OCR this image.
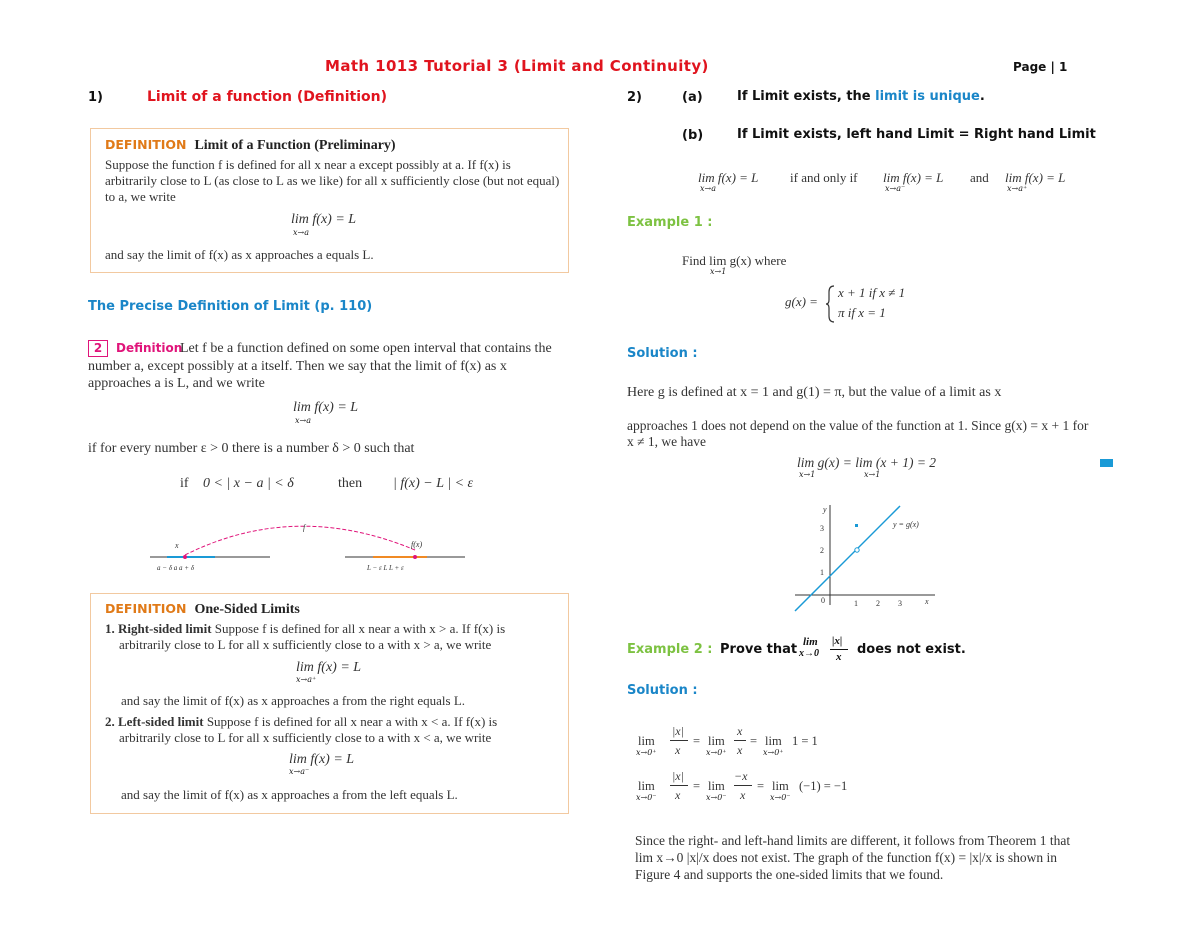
Math 1013 Tutorial 3 (Limit and Continuity)	Page | 1
1)	Limit of a function (Definition)
DEFINITION Limit of a Function (Preliminary)
Suppose the function f is defined for all x near a except possibly at a. If f(x) is
arbitrarily close to L (as close to L as we like) for all x sufficiently close (but not equal)
to a, we write
lim f(x) = L
x→a
and say the limit of f(x) as x approaches a equals L.
The Precise Definition of Limit (p. 110)
2	Definition
Let f be a function defined on some open interval that contains the
number a, except possibly at a itself. Then we say that the limit of f(x) as x
approaches a is L, and we write
lim f(x) = L
x→a
if for every number ε > 0 there is a number δ > 0 such that
if 0 < | x − a | < δ	then | f(x) − L | < ε
x
f
f(x)
a − δ a a + δ	L − ε L L + ε
DEFINITION One-Sided Limits
1. Right-sided limit Suppose f is defined for all x near a with x > a. If f(x) is
arbitrarily close to L for all x sufficiently close to a with x > a, we write
lim f(x) = L
x→a⁺
and say the limit of f(x) as x approaches a from the right equals L.
2. Left-sided limit Suppose f is defined for all x near a with x < a. If f(x) is
arbitrarily close to L for all x sufficiently close to a with x < a, we write
lim f(x) = L
x→a⁻
and say the limit of f(x) as x approaches a from the left equals L.
2)	(a)	If Limit exists, the limit is unique.
(b)	If Limit exists, left hand Limit = Right hand Limit
lim f(x) = L
x→a
if and only if lim f(x) = L
x→a⁻
and lim f(x) = L
x→a⁺
Example 1 :
Find lim g(x) where
x→1
g(x) =
x + 1 if x ≠ 1
π if x = 1
Solution :
Here g is defined at x = 1 and g(1) = π, but the value of a limit as x
approaches 1 does not depend on the value of the function at 1. Since g(x) = x + 1 for
x ≠ 1, we have
lim g(x) = lim (x + 1) = 2
x→1	x→1
y
x
y = g(x)
1
2
3
1 2 3
0
Example 2 : Prove that lim
x→0
|x|
x does not exist.
Solution :
lim
x→0⁺
|x|
x
= lim
x→0⁺
x
x
= lim
x→0⁺
1 = 1
lim
x→0⁻
|x|
x
= lim
x→0⁻
−x
x
= lim
x→0⁻
(−1) = −1
Since the right- and left-hand limits are different, it follows from Theorem 1 that
lim x→0 |x|/x does not exist. The graph of the function f(x) = |x|/x is shown in
Figure 4 and supports the one-sided limits that we found.
